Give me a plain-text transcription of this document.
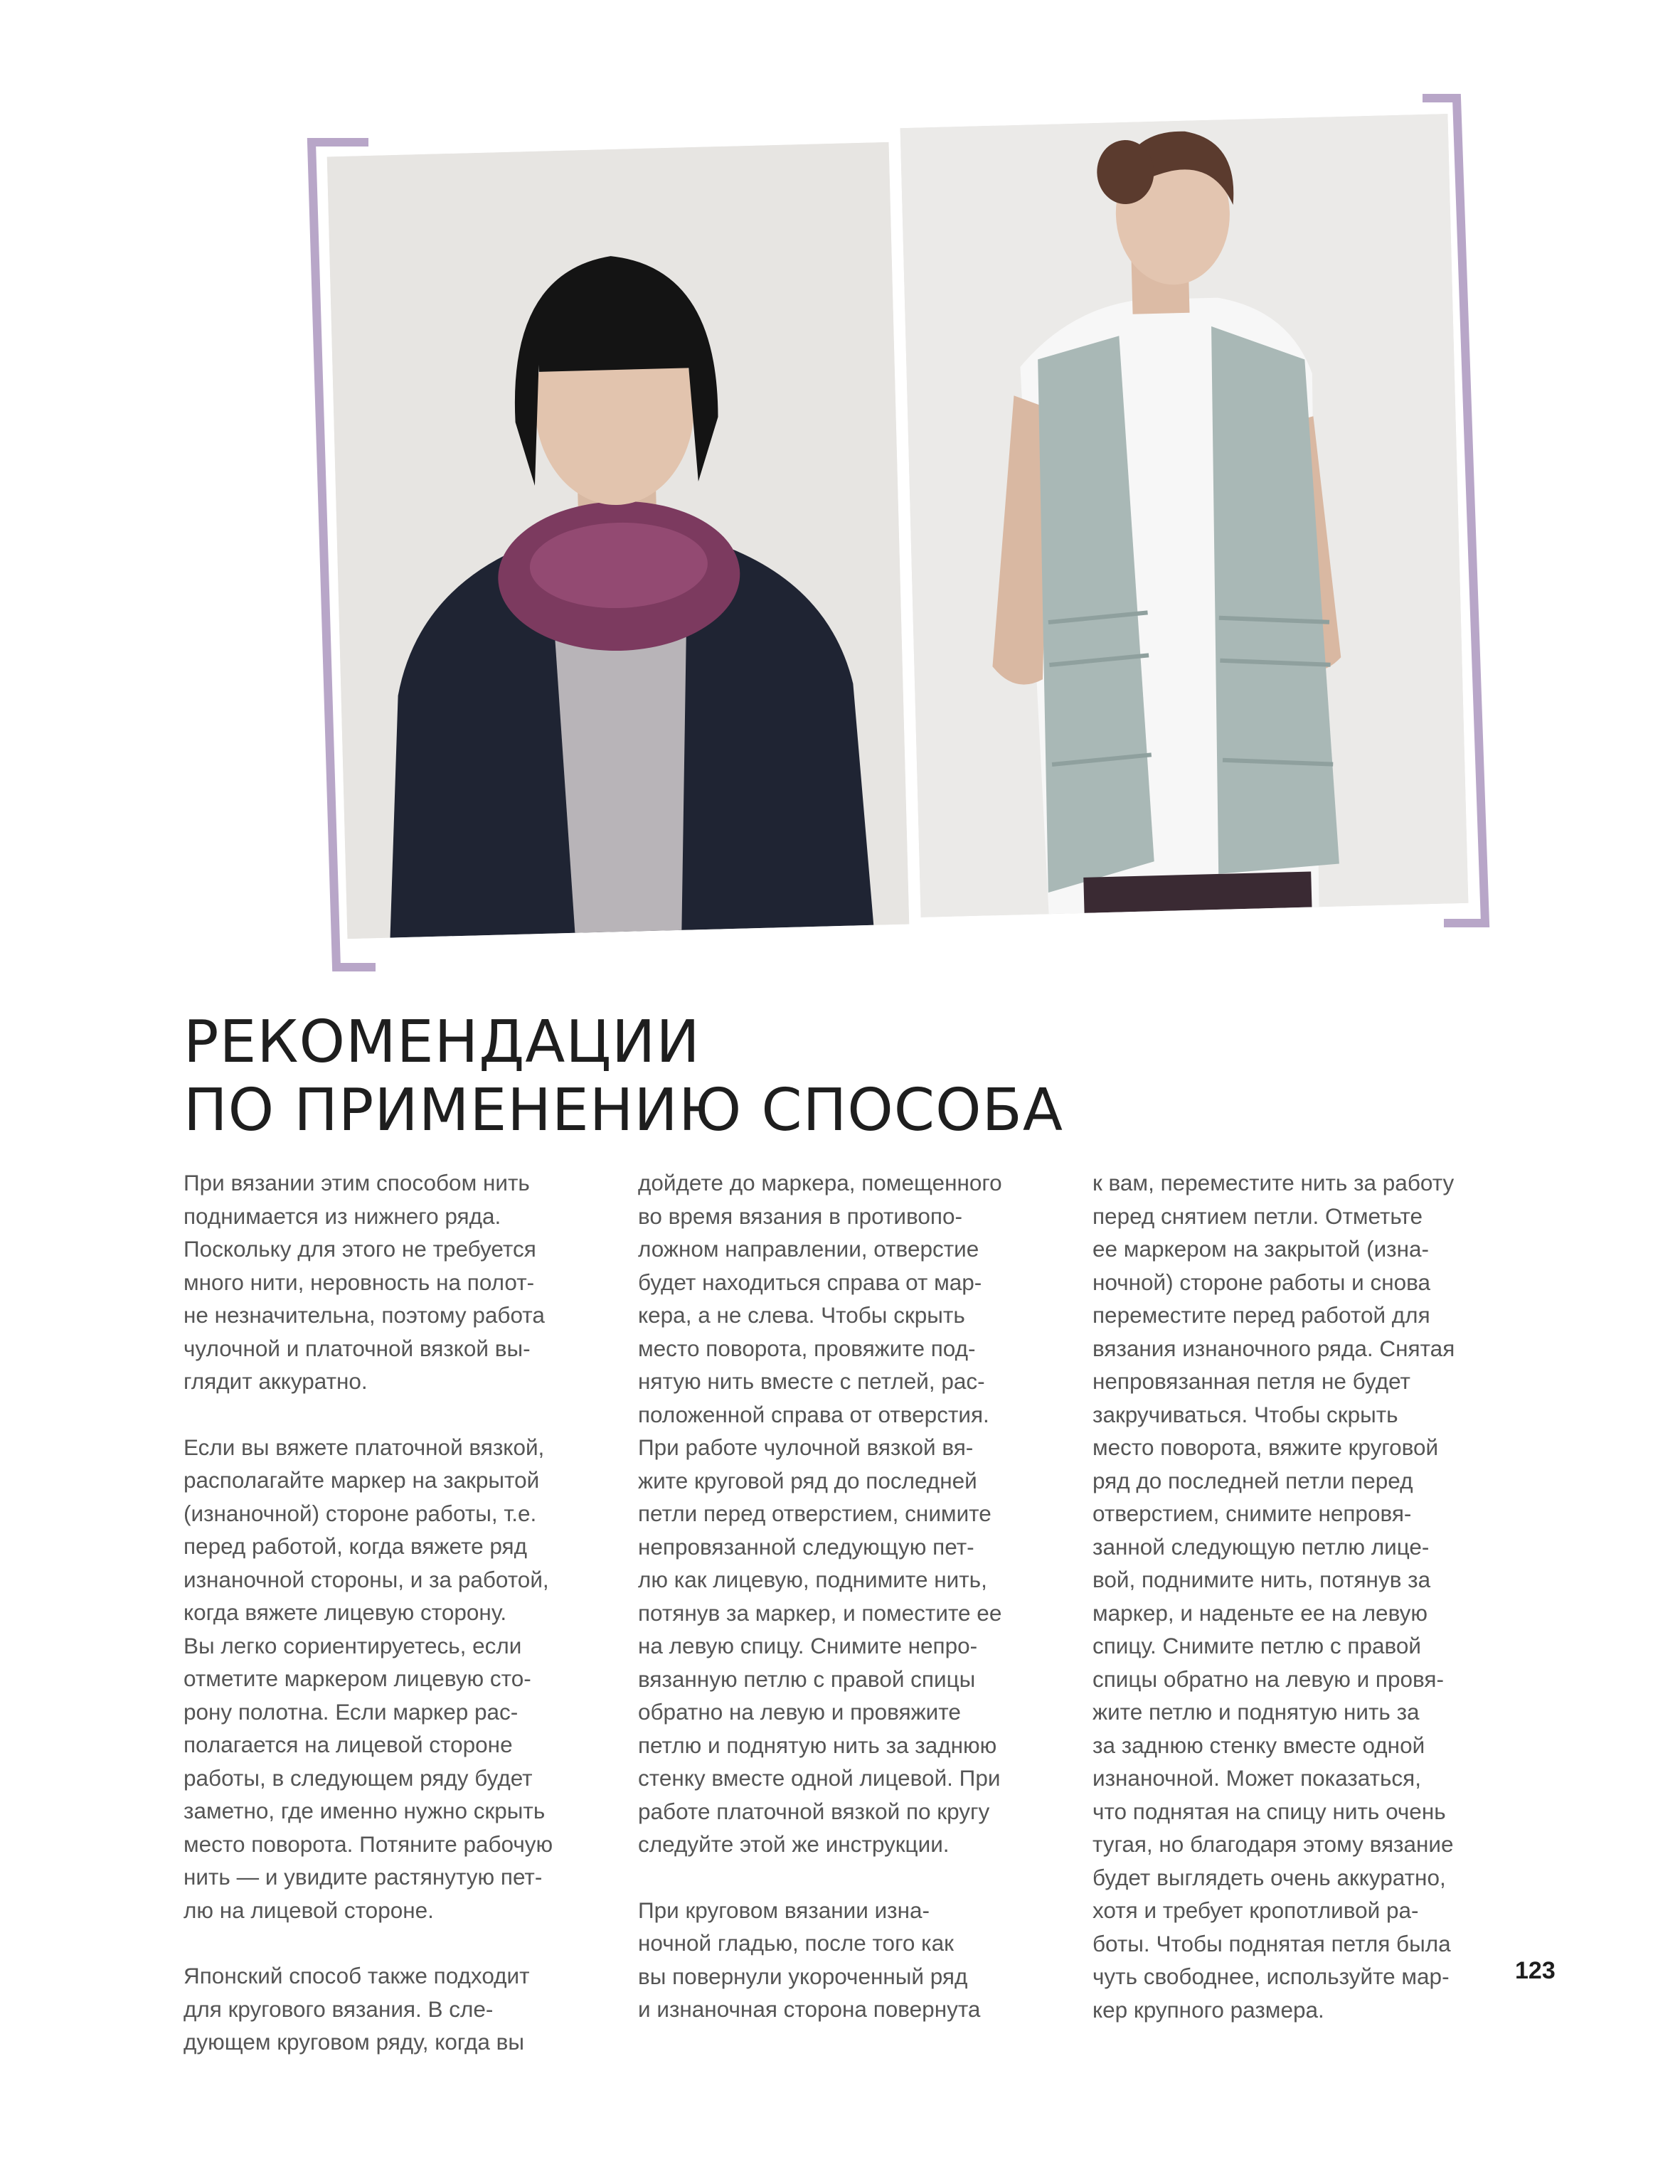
РЕКОМЕНДАЦИИ
ПО ПРИМЕНЕНИЮ СПОСОБА

При вязании этим способом нить
поднимается из нижнего ряда.
Поскольку для этого не требуется
много нити, неровность на полот-
не незначительна, поэтому работа
чулочной и платочной вязкой вы-
глядит аккуратно.

Если вы вяжете платочной вязкой,
располагайте маркер на закрытой
(изнаночной) стороне работы, т.е.
перед работой, когда вяжете ряд
изнаночной стороны, и за работой,
когда вяжете лицевую сторону.
Вы легко сориентируетесь, если
отметите маркером лицевую сто-
рону полотна. Если маркер рас-
полагается на лицевой стороне
работы, в следующем ряду будет
заметно, где именно нужно скрыть
место поворота. Потяните рабочую
нить — и увидите растянутую пет-
лю на лицевой стороне.

Японский способ также подходит
для кругового вязания. В сле-
дующем круговом ряду, когда вы

дойдете до маркера, помещенного
во время вязания в противопо-
ложном направлении, отверстие
будет находиться справа от мар-
кера, а не слева. Чтобы скрыть
место поворота, провяжите под-
нятую нить вместе с петлей, рас-
положенной справа от отверстия.
При работе чулочной вязкой вя-
жите круговой ряд до последней
петли перед отверстием, снимите
непровязанной следующую пет-
лю как лицевую, поднимите нить,
потянув за маркер, и поместите ее
на левую спицу. Снимите непро-
вязанную петлю с правой спицы
обратно на левую и провяжите
петлю и поднятую нить за заднюю
стенку вместе одной лицевой. При
работе платочной вязкой по кругу
следуйте этой же инструкции.

При круговом вязании изна-
ночной гладью, после того как
вы повернули укороченный ряд
и изнаночная сторона повернута

к вам, переместите нить за работу
перед снятием петли. Отметьте
ее маркером на закрытой (изна-
ночной) стороне работы и снова
переместите перед работой для
вязания изнаночного ряда. Снятая
непровязанная петля не будет
закручиваться. Чтобы скрыть
место поворота, вяжите круговой
ряд до последней петли перед
отверстием, снимите непровя-
занной следующую петлю лице-
вой, поднимите нить, потянув за
маркер, и наденьте ее на левую
спицу. Снимите петлю с правой
спицы обратно на левую и провя-
жите петлю и поднятую нить за
за заднюю стенку вместе одной
изнаночной. Может показаться,
что поднятая на спицу нить очень
тугая, но благодаря этому вязание
будет выглядеть очень аккуратно,
хотя и требует кропотливой ра-
боты. Чтобы поднятая петля была
чуть свободнее, используйте мар-
кер крупного размера.

123
